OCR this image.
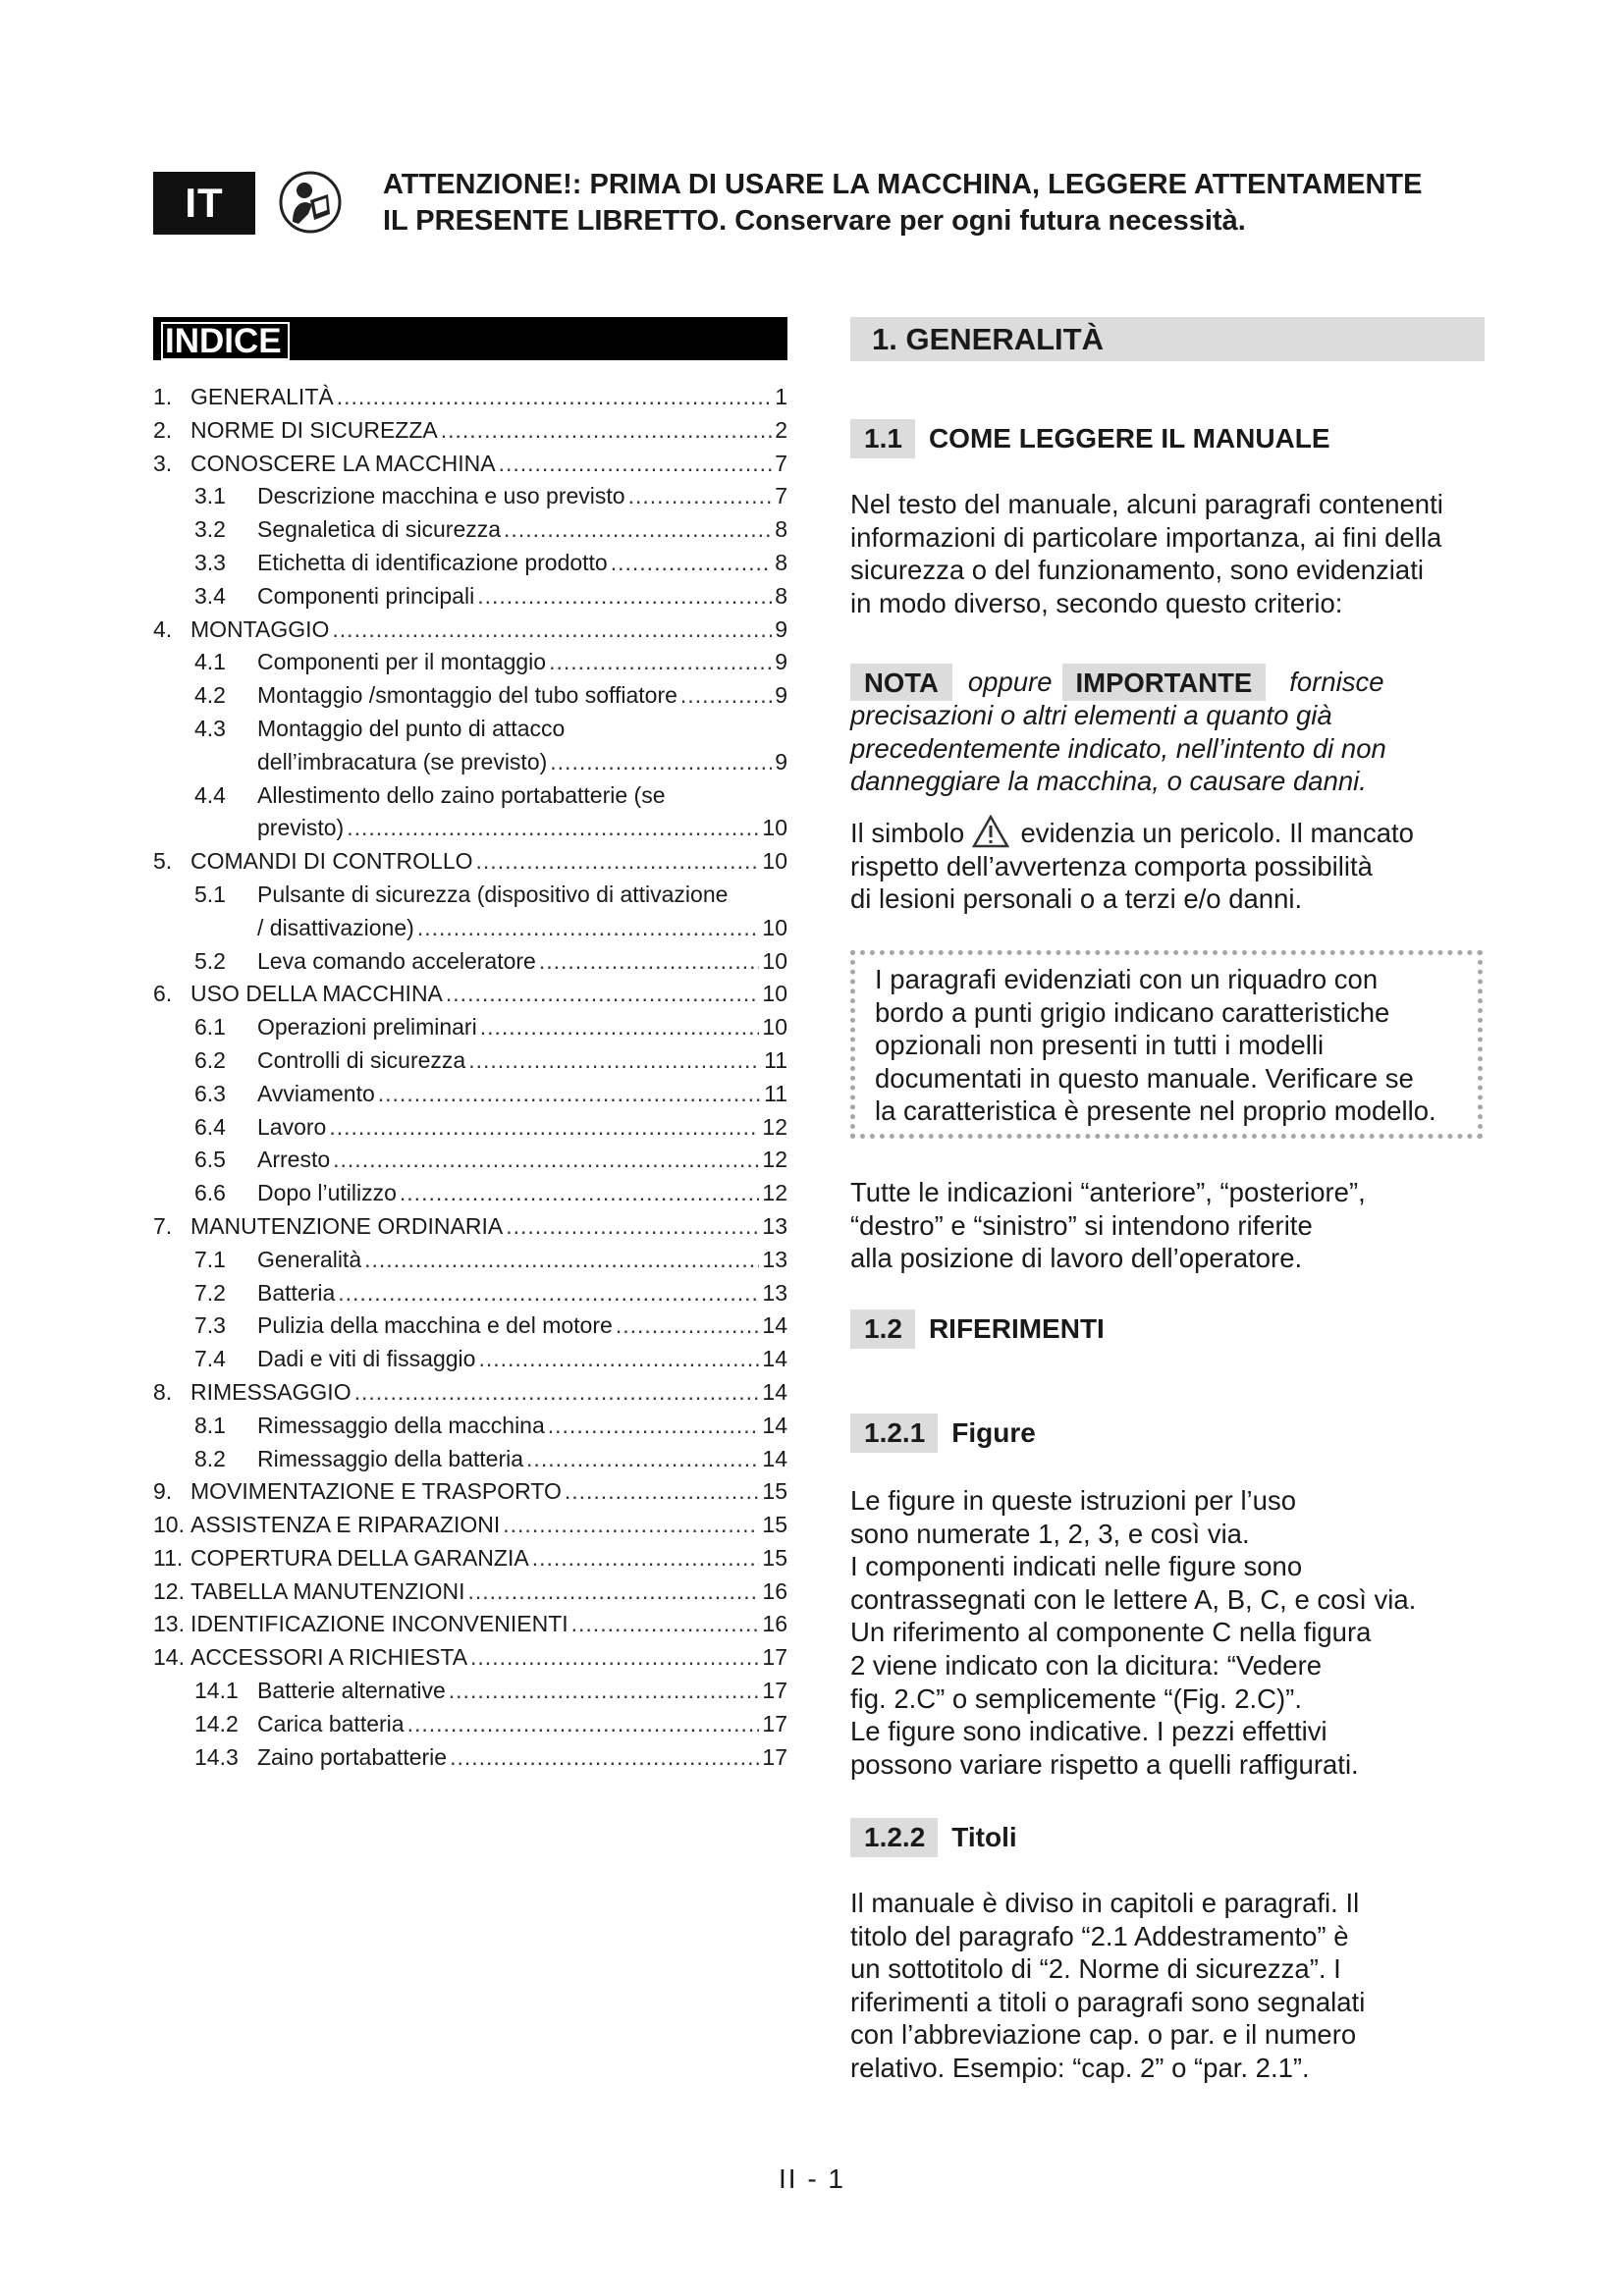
IT	ATTENZIONE!: PRIMA DI USARE LA MACCHINA, LEGGERE ATTENTAMENTE
IL PRESENTE LIBRETTO. Conservare per ogni futura necessità.
INDICE
1. GENERALITÀ .....	1
2. NORME DI SICUREZZA .....	2
3. CONOSCERE LA MACCHINA .....	7
3.1	Descrizione macchina e uso previsto .....	7
3.2	Segnaletica di sicurezza .....	8
3.3	Etichetta di identificazione prodotto .....	8
3.4	Componenti principali .....	8
4. MONTAGGIO .....	9
4.1	Componenti per il montaggio .....	9
4.2	Montaggio /smontaggio del tubo soffiatore .....	9
4.3	Montaggio del punto di attacco
dell’imbracatura (se previsto) .....	9
4.4	Allestimento dello zaino portabatterie (se
previsto) .....	10
5. COMANDI DI CONTROLLO .....	10
5.1	Pulsante di sicurezza (dispositivo di attivazione
/ disattivazione) .....	10
5.2	Leva comando acceleratore .....	10
6. USO DELLA MACCHINA .....	10
6.1	Operazioni preliminari .....	10
6.2	Controlli di sicurezza .....	11
6.3	Avviamento .....	11
6.4	Lavoro .....	12
6.5	Arresto .....	12
6.6	Dopo l’utilizzo .....	12
7. MANUTENZIONE ORDINARIA .....	13
7.1	Generalità .....	13
7.2	Batteria .....	13
7.3	Pulizia della macchina e del motore .....	14
7.4	Dadi e viti di fissaggio .....	14
8. RIMESSAGGIO .....	14
8.1	Rimessaggio della macchina .....	14
8.2	Rimessaggio della batteria .....	14
9. MOVIMENTAZIONE E TRASPORTO .....	15
10. ASSISTENZA E RIPARAZIONI .....	15
11. COPERTURA DELLA GARANZIA .....	15
12. TABELLA MANUTENZIONI .....	16
13. IDENTIFICAZIONE INCONVENIENTI .....	16
14. ACCESSORI A RICHIESTA .....	17
14.1 Batterie alternative .....	17
14.2 Carica batteria .....	17
14.3 Zaino portabatterie .....	17
1. GENERALITÀ
1.1 COME LEGGERE IL MANUALE
Nel testo del manuale, alcuni paragrafi contenenti
informazioni di particolare importanza, ai fini della
sicurezza o del funzionamento, sono evidenziati
in modo diverso, secondo questo criterio:
NOTA	oppure IMPORTANTE	fornisce
precisazioni o altri elementi a quanto già
precedentemente indicato, nell’intento di non
danneggiare la macchina, o causare danni.
Il simbolo evidenzia un pericolo. Il mancato
rispetto dell’avvertenza comporta possibilità
di lesioni personali o a terzi e/o danni.
I paragrafi evidenziati con un riquadro con
bordo a punti grigio indicano caratteristiche
opzionali non presenti in tutti i modelli
documentati in questo manuale. Verificare se
la caratteristica è presente nel proprio modello.
Tutte le indicazioni “anteriore”, “posteriore”,
“destro” e “sinistro” si intendono riferite
alla posizione di lavoro dell’operatore.
1.2 RIFERIMENTI
1.2.1 Figure
Le figure in queste istruzioni per l’uso
sono numerate 1, 2, 3, e così via.
I componenti indicati nelle figure sono
contrassegnati con le lettere A, B, C, e così via.
Un riferimento al componente C nella figura
2 viene indicato con la dicitura: “Vedere
fig. 2.C” o semplicemente “(Fig. 2.C)”.
Le figure sono indicative. I pezzi effettivi
possono variare rispetto a quelli raffigurati.
1.2.2 Titoli
Il manuale è diviso in capitoli e paragrafi. Il
titolo del paragrafo “2.1 Addestramento” è
un sottotitolo di “2. Norme di sicurezza”. I
riferimenti a titoli o paragrafi sono segnalati
con l’abbreviazione cap. o par. e il numero
relativo. Esempio: “cap. 2” o “par. 2.1”.
II - 1
